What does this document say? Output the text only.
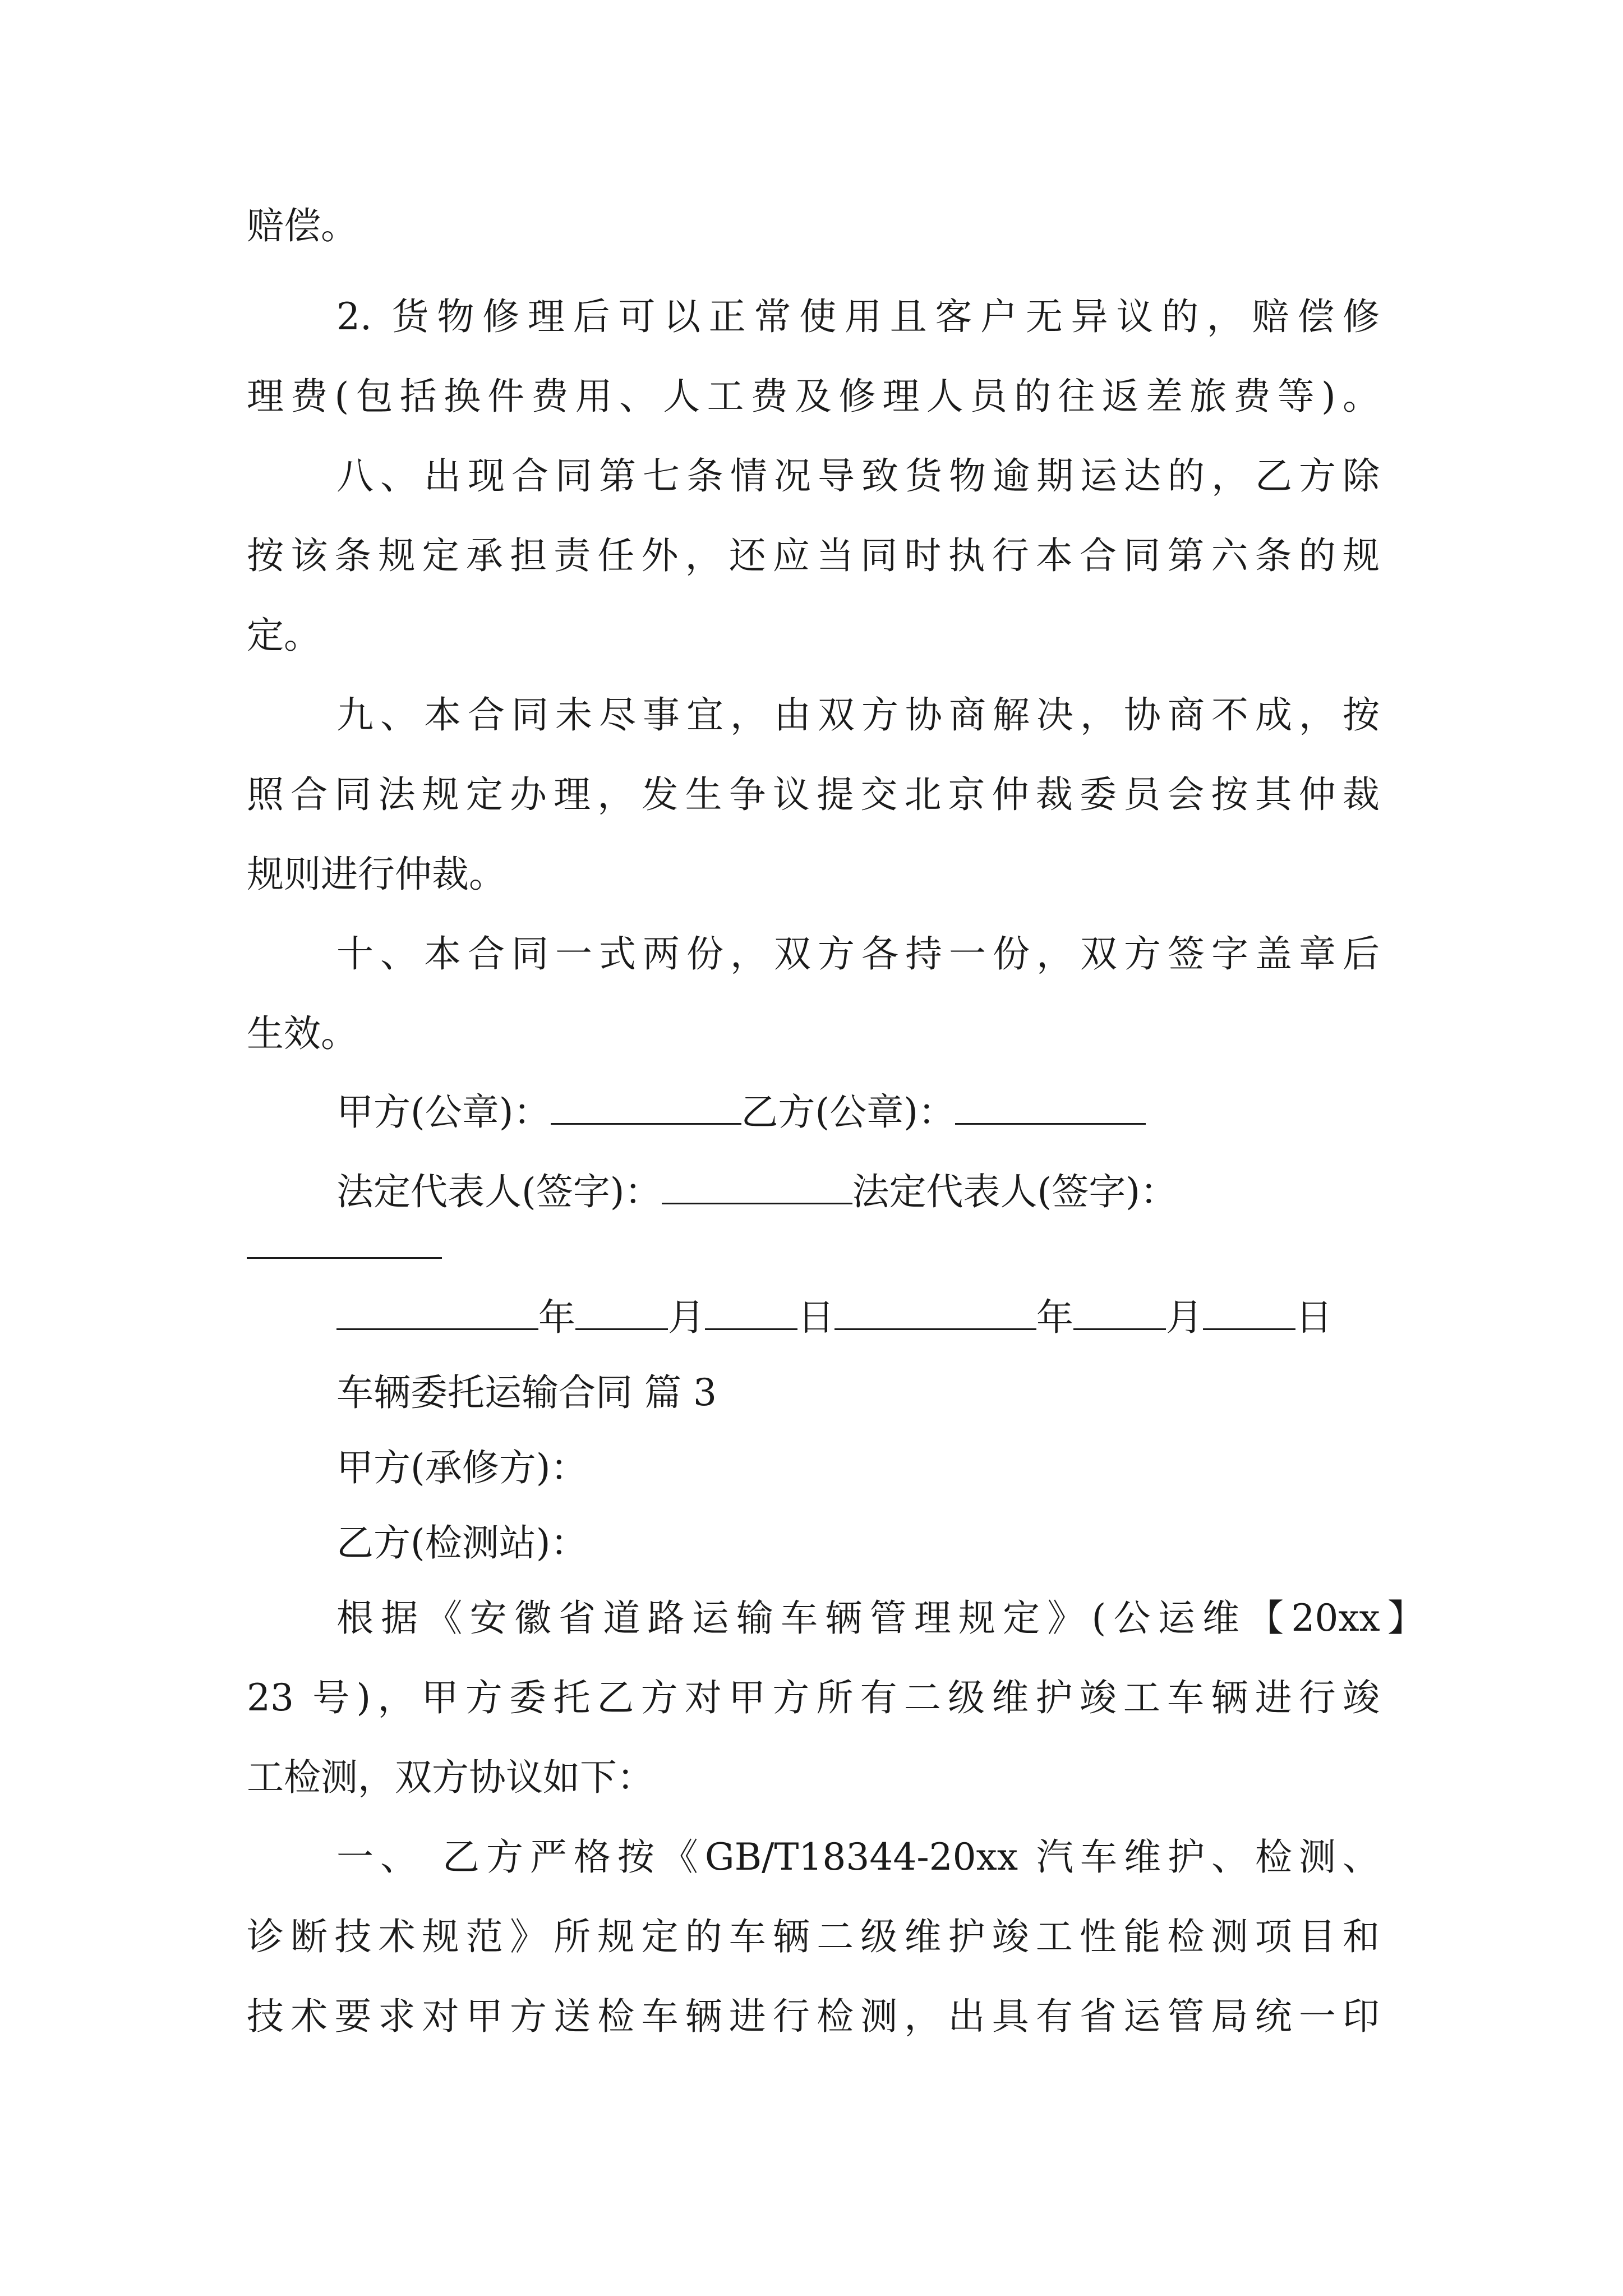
赔偿。
2. 货物修理后可以正常使用且客户无异议的，赔偿修
理费(包括换件费用、人工费及修理人员的往返差旅费等)。
八、出现合同第七条情况导致货物逾期运达的，乙方除
按该条规定承担责任外，还应当同时执行本合同第六条的规
定。
九、本合同未尽事宜，由双方协商解决，协商不成，按
照合同法规定办理，发生争议提交北京仲裁委员会按其仲裁
规则进行仲裁。
十、本合同一式两份，双方各持一份，双方签字盖章后
生效。
甲方(公章)：	乙方(公章)：
法定代表人(签字)：	法定代表人(签字)：
年	月	日	年	月	日
车辆委托运输合同 篇 3
甲方(承修方)：
乙方(检测站)：
根据《安徽省道路运输车辆管理规定》(公运维【20xx】
23 号)，甲方委托乙方对甲方所有二级维护竣工车辆进行竣
工检测，双方协议如下：
一、 乙方严格按《GB/T18344-20xx 汽车维护、检测、
诊断技术规范》所规定的车辆二级维护竣工性能检测项目和
技术要求对甲方送检车辆进行检测，出具有省运管局统一印
